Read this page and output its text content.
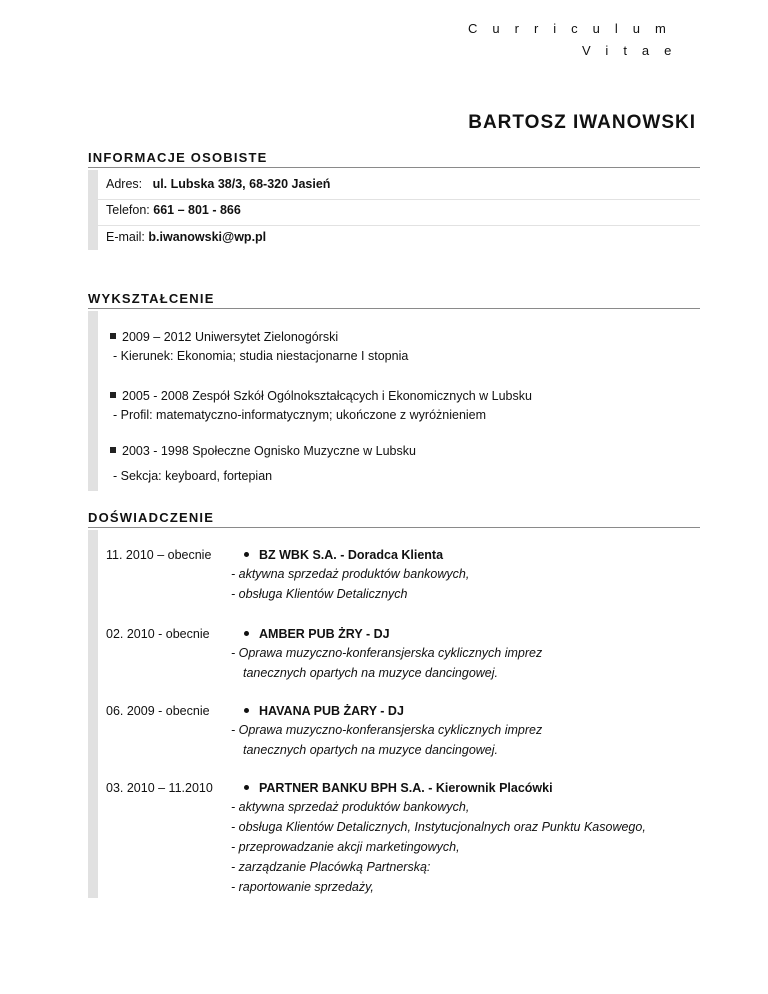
Curriculum
Vitae
BARTOSZ IWANOWSKI
INFORMACJE OSOBISTE
Adres: ul. Lubska 38/3, 68-320 Jasień
Telefon: 661 – 801 - 866
E-mail: b.iwanowski@wp.pl
WYKSZTAŁCENIE
2009 – 2012 Uniwersytet Zielonogórski
- Kierunek: Ekonomia; studia niestacjonarne I stopnia
2005 - 2008 Zespół Szkół Ogólnokształcących i Ekonomicznych w Lubsku
- Profil: matematyczno-informatycznym; ukończone z wyróżnieniem
2003 - 1998 Społeczne Ognisko Muzyczne w Lubsku
- Sekcja: keyboard, fortepian
DOŚWIADCZENIE
11. 2010 – obecnie	BZ WBK S.A. - Doradca Klienta
- aktywna sprzedaż produktów bankowych,
- obsługa Klientów Detalicznych
02. 2010 - obecnie	AMBER PUB ŻRY - DJ
- Oprawa muzyczno-konferansjerska cyklicznych imprez
tanecznych opartych na muzyce dancingowej.
06. 2009 - obecnie	HAVANA PUB ŻARY - DJ
- Oprawa muzyczno-konferansjerska cyklicznych imprez
tanecznych opartych na muzyce dancingowej.
03. 2010 – 11.2010	PARTNER BANKU BPH S.A. - Kierownik Placówki
- aktywna sprzedaż produktów bankowych,
- obsługa Klientów Detalicznych, Instytucjonalnych oraz Punktu Kasowego,
- przeprowadzanie akcji marketingowych,
- zarządzanie Placówką Partnerską:
- raportowanie sprzedaży,
